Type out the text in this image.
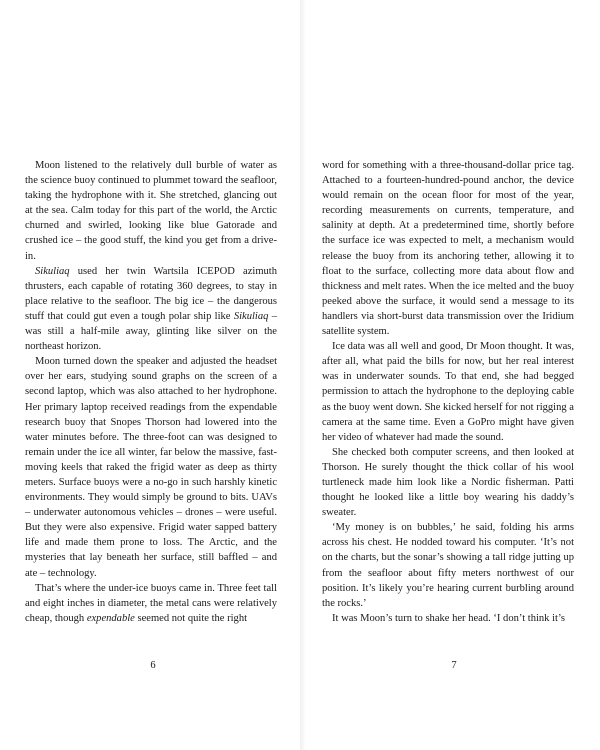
Moon listened to the relatively dull burble of water as the science buoy continued to plummet toward the seafloor, taking the hydrophone with it. She stretched, glancing out at the sea. Calm today for this part of the world, the Arctic churned and swirled, looking like blue Gatorade and crushed ice – the good stuff, the kind you get from a drive-in.

Sikuliaq used her twin Wartsila ICEPOD azimuth thrusters, each capable of rotating 360 degrees, to stay in place relative to the seafloor. The big ice – the dangerous stuff that could gut even a tough polar ship like Sikuliaq – was still a half-mile away, glinting like silver on the northeast horizon.

Moon turned down the speaker and adjusted the headset over her ears, studying sound graphs on the screen of a second laptop, which was also attached to her hydrophone. Her primary laptop received readings from the expendable research buoy that Snopes Thorson had lowered into the water minutes before. The three-foot can was designed to remain under the ice all winter, far below the massive, fast-moving keels that raked the frigid water as deep as thirty meters. Surface buoys were a no-go in such harshly kinetic environments. They would simply be ground to bits. UAVs – underwater autonomous vehicles – drones – were useful. But they were also expensive. Frigid water sapped battery life and made them prone to loss. The Arctic, and the mysteries that lay beneath her surface, still baffled – and ate – technology.

That’s where the under-ice buoys came in. Three feet tall and eight inches in diameter, the metal cans were relatively cheap, though expendable seemed not quite the right

6

word for something with a three-thousand-dollar price tag. Attached to a fourteen-hundred-pound anchor, the device would remain on the ocean floor for most of the year, recording measurements on currents, temperature, and salinity at depth. At a predetermined time, shortly before the surface ice was expected to melt, a mechanism would release the buoy from its anchoring tether, allowing it to float to the surface, collecting more data about flow and thickness and melt rates. When the ice melted and the buoy peeked above the surface, it would send a message to its handlers via short-burst data transmission over the Iridium satellite system.

Ice data was all well and good, Dr Moon thought. It was, after all, what paid the bills for now, but her real interest was in underwater sounds. To that end, she had begged permission to attach the hydrophone to the deploying cable as the buoy went down. She kicked herself for not rigging a camera at the same time. Even a GoPro might have given her video of whatever had made the sound.

She checked both computer screens, and then looked at Thorson. He surely thought the thick collar of his wool turtleneck made him look like a Nordic fisherman. Patti thought he looked like a little boy wearing his daddy’s sweater.

‘My money is on bubbles,’ he said, folding his arms across his chest. He nodded toward his computer. ‘It’s not on the charts, but the sonar’s showing a tall ridge jutting up from the seafloor about fifty meters northwest of our position. It’s likely you’re hearing current burbling around the rocks.’

It was Moon’s turn to shake her head. ‘I don’t think it’s

7
